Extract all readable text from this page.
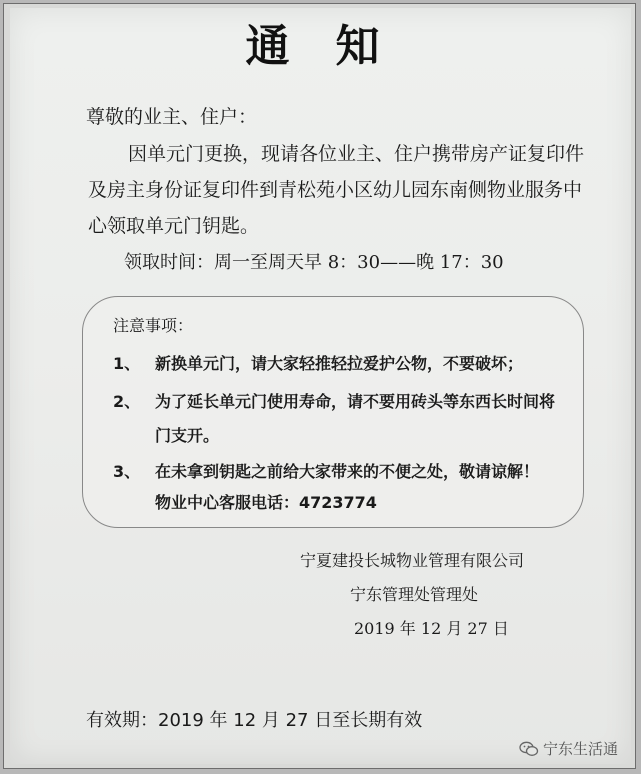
通知
尊敬的业主、住户：
因单元门更换，现请各位业主、住户携带房产证复印件及房主身份证复印件到青松苑小区幼儿园东南侧物业服务中心领取单元门钥匙。
领取时间：周一至周天早 8：30——晚 17：30
注意事项：
1、 新换单元门，请大家轻推轻拉爱护公物，不要破坏；
2、 为了延长单元门使用寿命，请不要用砖头等东西长时间将门支开。
3、 在未拿到钥匙之前给大家带来的不便之处，敬请谅解！
物业中心客服电话：4723774
宁夏建投长城物业管理有限公司
宁东管理处管理处
2019 年 12 月 27 日
有效期：2019 年 12 月 27 日至长期有效
宁东生活通
